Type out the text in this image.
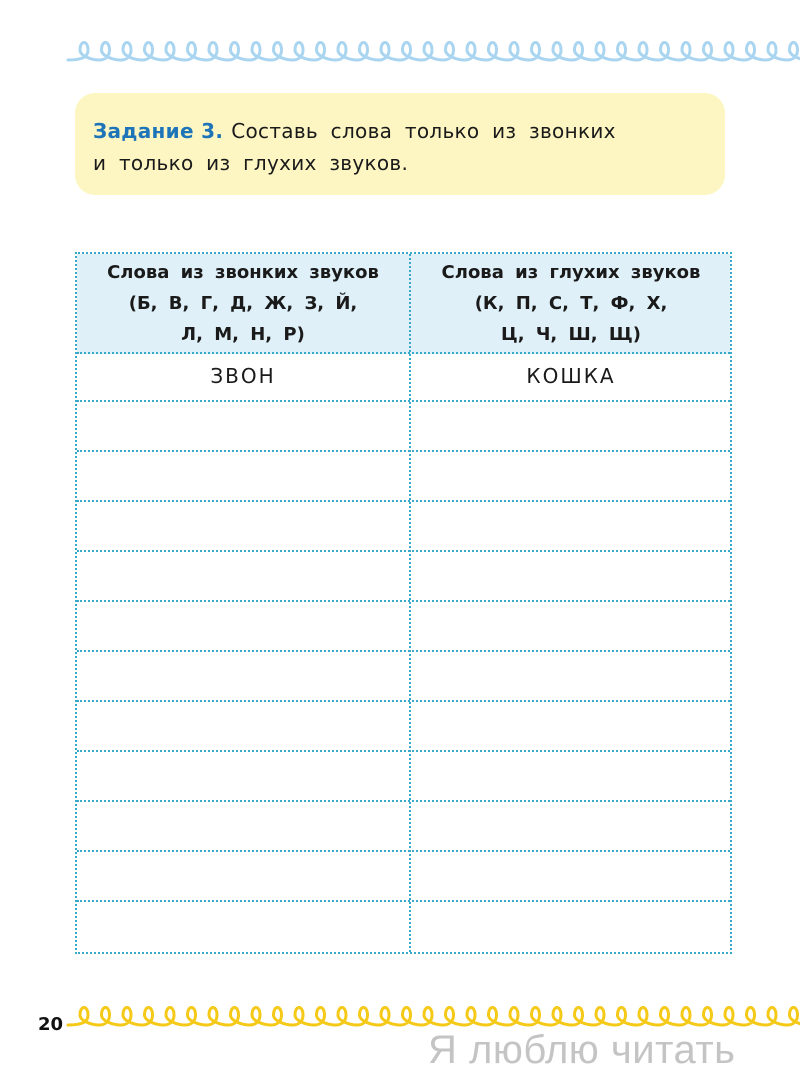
Задание 3. Составь слова только из звонких
и только из глухих звуков.
Слова из звонких звуков
(Б, В, Г, Д, Ж, З, Й,
Л, М, Н, Р)
Слова из глухих звуков
(К, П, С, Т, Ф, Х,
Ц, Ч, Ш, Щ)
ЗВОН	КОШКА
20
Я люблю читать
